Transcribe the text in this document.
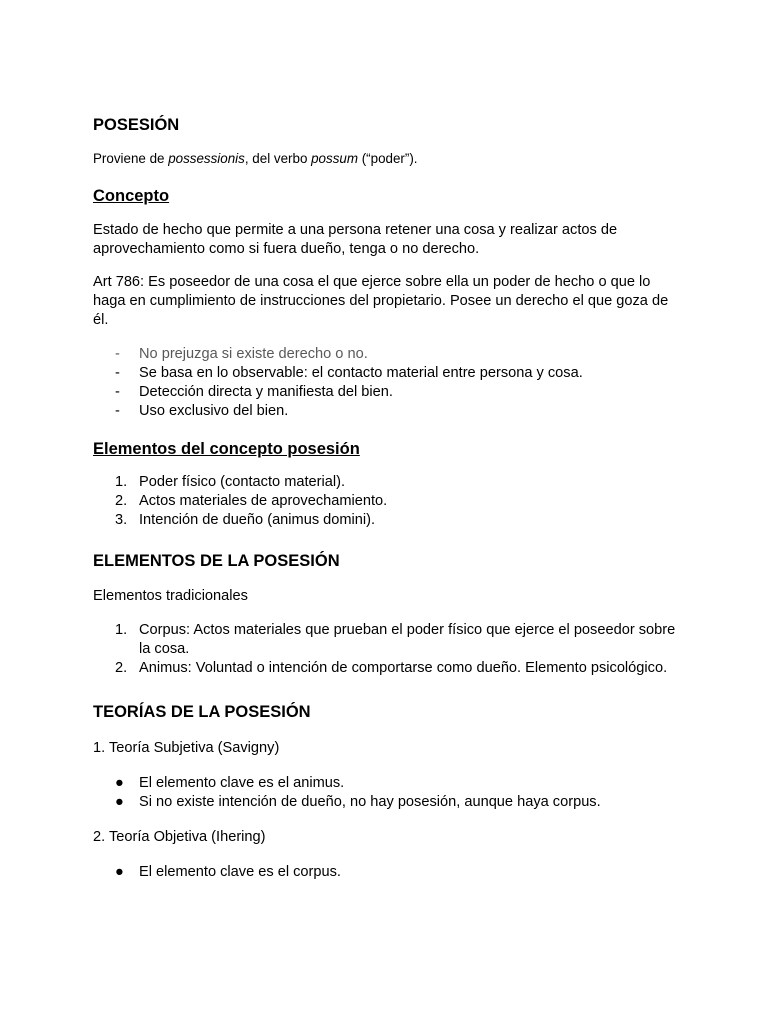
POSESIÓN

Proviene de possessionis, del verbo possum (“poder”).

Concepto

Estado de hecho que permite a una persona retener una cosa y realizar actos de aprovechamiento como si fuera dueño, tenga o no derecho.

Art 786: Es poseedor de una cosa el que ejerce sobre ella un poder de hecho o que lo haga en cumplimiento de instrucciones del propietario. Posee un derecho el que goza de él.

- No prejuzga si existe derecho o no.
- Se basa en lo observable: el contacto material entre persona y cosa.
- Detección directa y manifiesta del bien.
- Uso exclusivo del bien.
Elementos del concepto posesión
1. Poder físico (contacto material).
2. Actos materiales de aprovechamiento.
3. Intención de dueño (animus domini).
ELEMENTOS DE LA POSESIÓN

Elementos tradicionales

1. Corpus: Actos materiales que prueban el poder físico que ejerce el poseedor sobre la cosa.
2. Animus: Voluntad o intención de comportarse como dueño. Elemento psicológico.
TEORÍAS DE LA POSESIÓN

1. Teoría Subjetiva (Savigny)

● El elemento clave es el animus.
● Si no existe intención de dueño, no hay posesión, aunque haya corpus.

2. Teoría Objetiva (Ihering)

● El elemento clave es el corpus.
